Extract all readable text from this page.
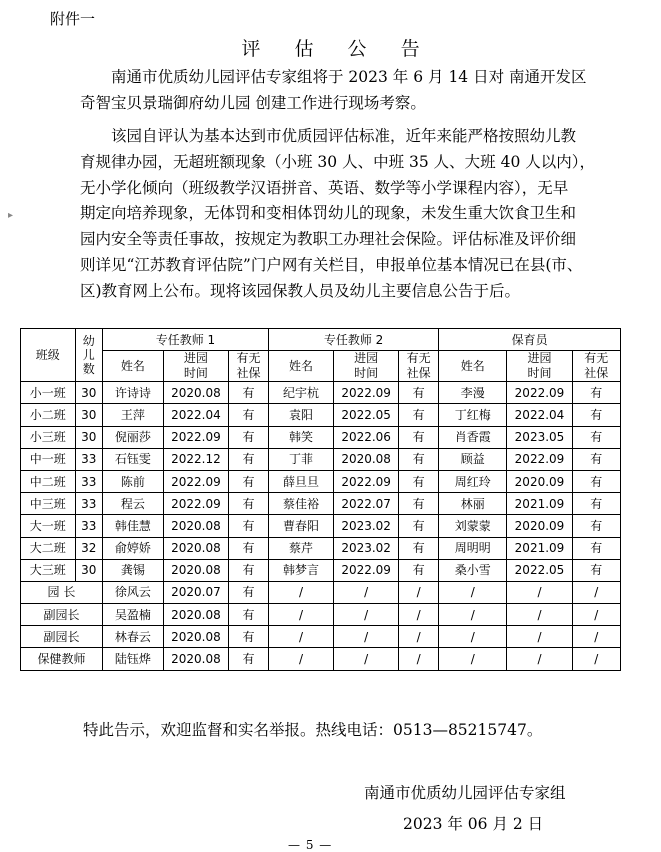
附件一
评 估 公 告
南通市优质幼儿园评估专家组将于 2023 年 6 月 14 日对 南通开发区
奇智宝贝景瑞御府幼儿园 创建工作进行现场考察。
该园自评认为基本达到市优质园评估标准，近年来能严格按照幼儿教
育规律办园，无超班额现象（小班 30 人、中班 35 人、大班 40 人以内），
无小学化倾向（班级教学汉语拼音、英语、数学等小学课程内容），无早
期定向培养现象，无体罚和变相体罚幼儿的现象，未发生重大饮食卫生和
园内安全等责任事故，按规定为教职工办理社会保险。评估标准及评价细
则详见“江苏教育评估院”门户网有关栏目，申报单位基本情况已在县(市、
区)教育网上公布。现将该园保教人员及幼儿主要信息公告于后。
▸
班级	幼儿数	专任教师 1			专任教师 2			保育员		
		姓名	进园时间	有无社保	姓名	进园时间	有无社保	姓名	进园时间	有无社保

小一班	30	许诗诗	2020.08	有	纪宇杭	2022.09	有	李漫	2022.09	有
小二班	30	王萍	2022.04	有	袁阳	2022.05	有	丁红梅	2022.04	有
小三班	30	倪丽莎	2022.09	有	韩笑	2022.06	有	肖香霞	2023.05	有
中一班	33	石钰雯	2022.12	有	丁菲	2020.08	有	顾益	2022.09	有
中二班	33	陈前	2022.09	有	薛旦旦	2022.09	有	周红玲	2020.09	有
中三班	33	程云	2022.09	有	蔡佳裕	2022.07	有	林丽	2021.09	有
大一班	33	韩佳慧	2020.08	有	曹春阳	2023.02	有	刘蒙蒙	2020.09	有
大二班	32	俞婷娇	2020.08	有	蔡芹	2023.02	有	周明明	2021.09	有
大三班	30	龚锡	2020.08	有	韩梦言	2022.09	有	桑小雪	2022.05	有
园 长		徐风云	2020.07	有	/	/	/	/	/	/
副园长		吴盈楠	2020.08	有	/	/	/	/	/	/
副园长		林春云	2020.08	有	/	/	/	/	/	/
保健教师		陆钰烨	2020.08	有	/	/	/	/	/	/
特此告示，欢迎监督和实名举报。热线电话：0513—85215747。
南通市优质幼儿园评估专家组
2023 年 06 月 2 日
— 5 —
